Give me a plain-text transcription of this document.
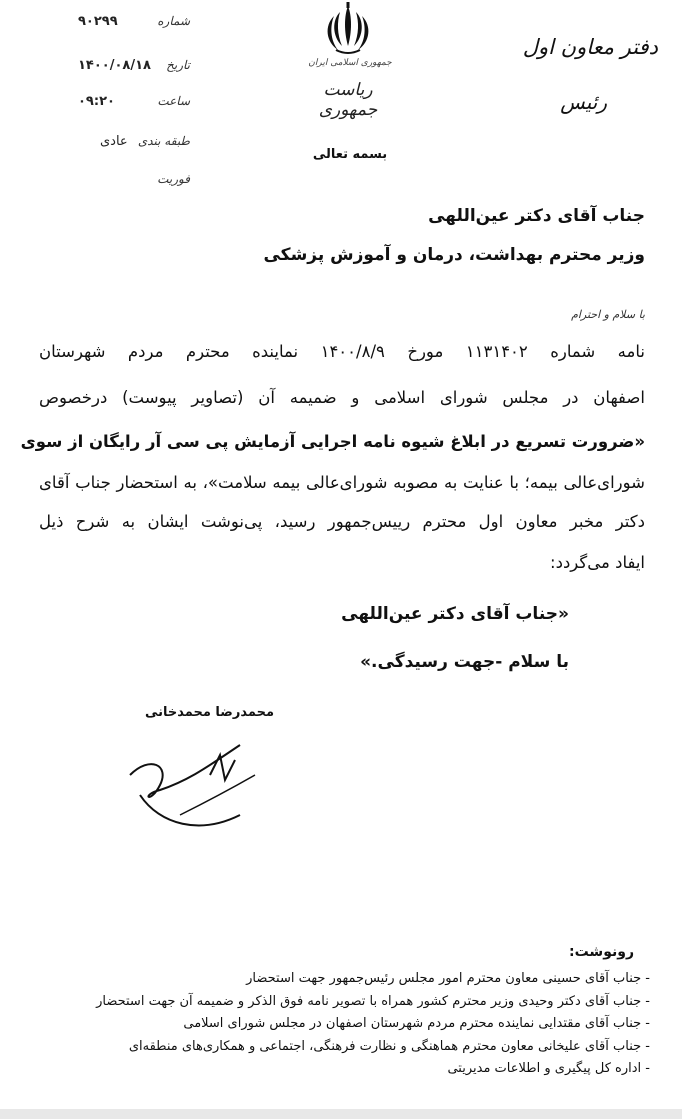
شماره
۹۰۲۹۹
تاریخ
۱۴۰۰/۰۸/۱۸
ساعت
۰۹:۲۰
طبقه بندی
عادی
فوریت
جمهوری اسلامی ایران
ریاست جمهوری
بسمه تعالی
دفتر معاون اول
رئیس
جناب آقای دکتر عین‌اللهی
وزیر محترم بهداشت، درمان و آموزش پزشکی
با سلام و احترام
نامه شماره ۱۱۳۱۴۰۲ مورخ ۱۴۰۰/۸/۹ نماینده محترم مردم شهرستان
اصفهان در مجلس شورای اسلامی و ضمیمه آن (تصاویر پیوست) درخصوص
«ضرورت تسریع در ابلاغ شیوه نامه اجرایی آزمایش پی سی آر رایگان از سوی
شورای‌عالی بیمه؛ با عنایت به مصوبه شورای‌عالی بیمه سلامت»، به استحضار جناب آقای
دکتر مخبر معاون اول محترم رییس‌جمهور رسید، پی‌نوشت ایشان به شرح ذیل
ایفاد می‌گردد:
«جناب آقای دکتر عین‌اللهی
با سلام -جهت رسیدگی.»
محمدرضا محمدخانی
رونوشت:
- جناب آقای حسینی معاون محترم امور مجلس رئیس‌جمهور جهت استحضار
- جناب آقای دکتر وحیدی وزیر محترم کشور همراه با تصویر نامه فوق الذکر و ضمیمه آن جهت استحضار
- جناب آقای مقتدایی نماینده محترم مردم شهرستان اصفهان در مجلس شورای اسلامی
- جناب آقای علیخانی معاون محترم هماهنگی و نظارت فرهنگی، اجتماعی و همکاری‌های منطقه‌ای
- اداره کل پیگیری و اطلاعات مدیریتی
